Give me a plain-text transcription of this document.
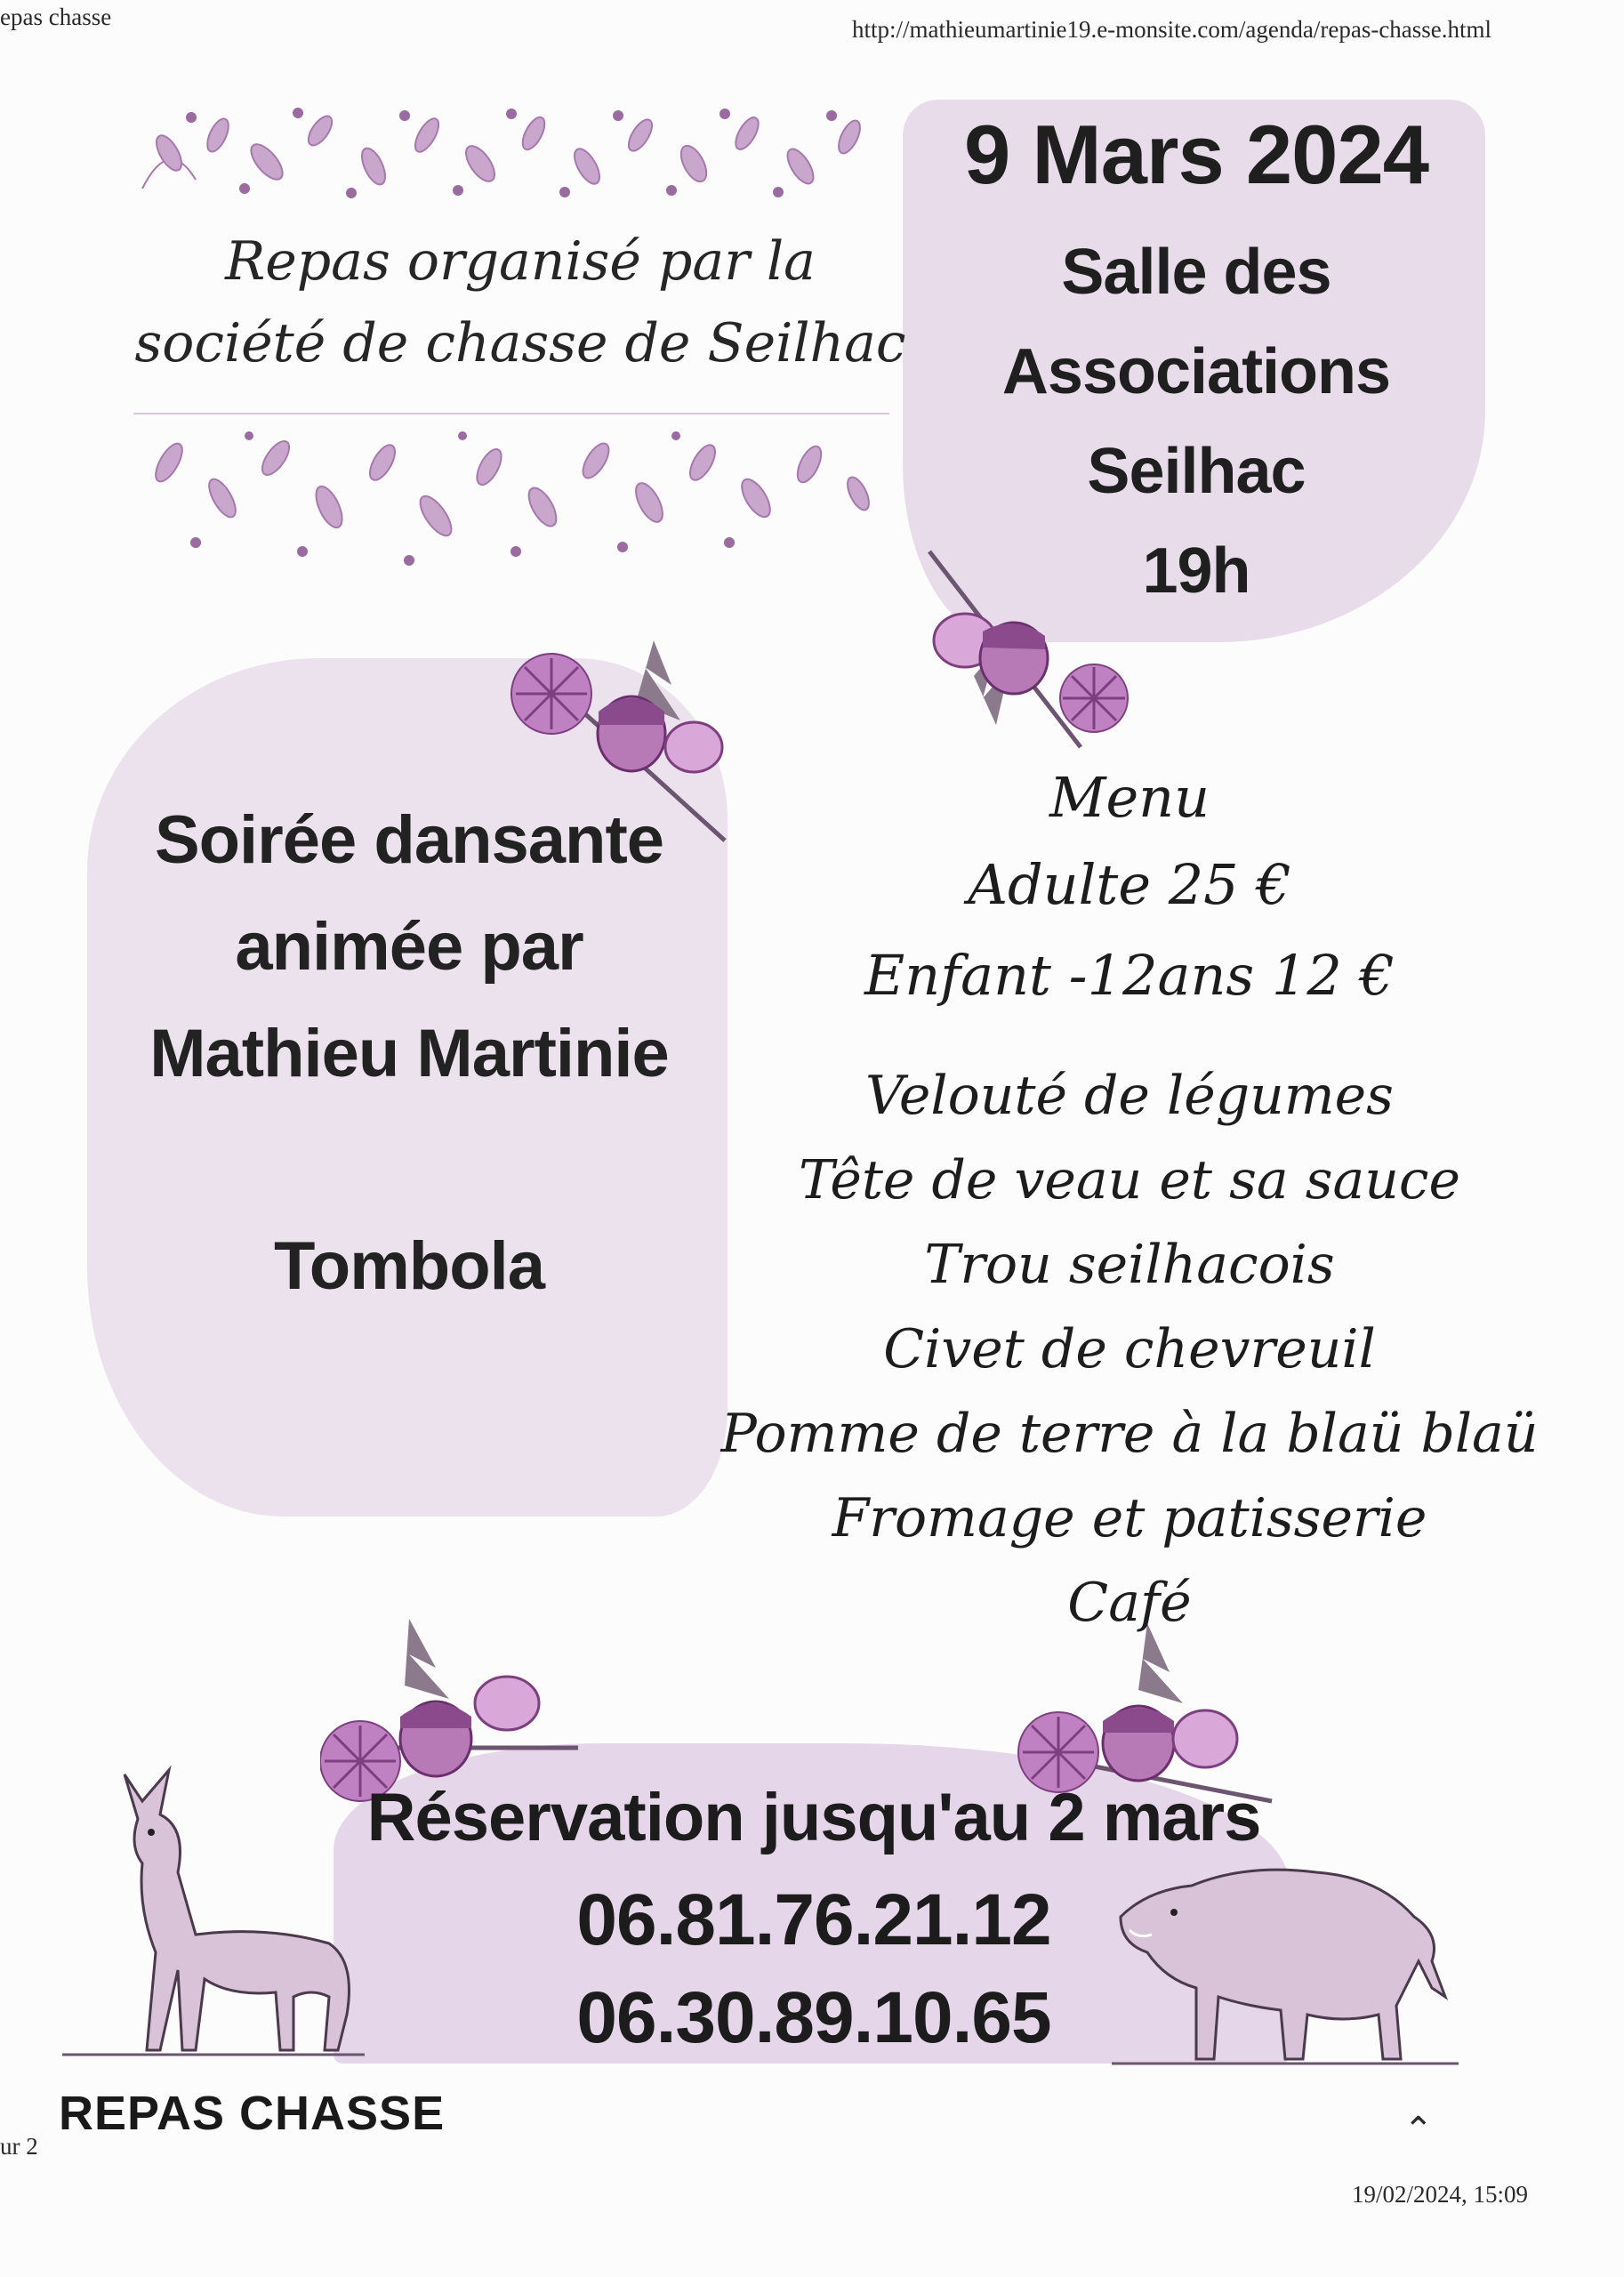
epas chasse	http://mathieumartinie19.e-monsite.com/agenda/repas-chasse.html
Repas organisé par la
société de chasse de Seilhac
9 Mars 2024
Salle des
Associations
Seilhac
19h
Soirée dansante
animée par
Mathieu Martinie
Tombola
Menu
Adulte 25 €
Enfant -12ans 12 €
Velouté de légumes
Tête de veau et sa sauce
Trou seilhacois
Civet de chevreuil
Pomme de terre à la blaü blaü
Fromage et patisserie
Café
Réservation jusqu'au 2 mars
06.81.76.21.12
06.30.89.10.65
REPAS CHASSE
ur 2	⌃
19/02/2024, 15:09
